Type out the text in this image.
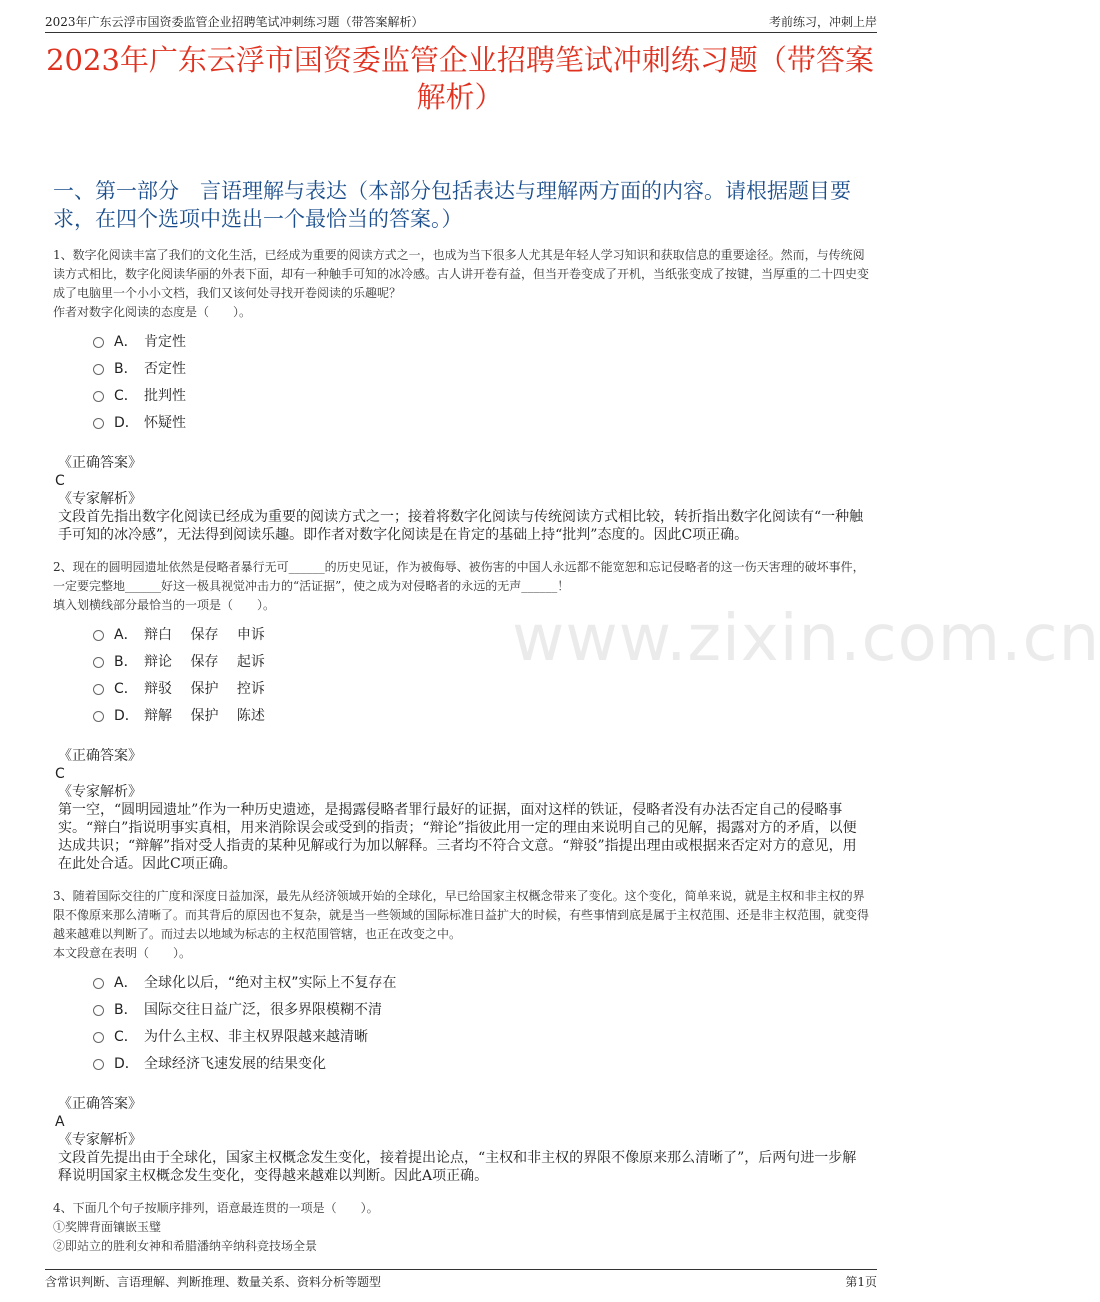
2023年广东云浮市国资委监管企业招聘笔试冲刺练习题（带答案解析）	考前练习，冲刺上岸
2023年广东云浮市国资委监管企业招聘笔试冲刺练习题（带答案解析）
一、第一部分　言语理解与表达（本部分包括表达与理解两方面的内容。请根据题目要求，在四个选项中选出一个最恰当的答案。）
www.zixin.com.cn

1、数字化阅读丰富了我们的文化生活，已经成为重要的阅读方式之一，也成为当下很多人尤其是年轻人学习知识和获取信息的重要途径。然而，与传统阅读方式相比，数字化阅读华丽的外表下面，却有一种触手可知的冰冷感。古人讲开卷有益，但当开卷变成了开机，当纸张变成了按键，当厚重的二十四史变成了电脑里一个小小文档，我们又该何处寻找开卷阅读的乐趣呢？

作者对数字化阅读的态度是（　　）。

A． 肯定性
B． 否定性
C． 批判性
D． 怀疑性

《正确答案》

C

《专家解析》

文段首先指出数字化阅读已经成为重要的阅读方式之一；接着将数字化阅读与传统阅读方式相比较，转折指出数字化阅读有“一种触手可知的冰冷感”，无法得到阅读乐趣。即作者对数字化阅读是在肯定的基础上持“批判”态度的。因此C项正确。

2、现在的圆明园遗址依然是侵略者暴行无可______的历史见证，作为被侮辱、被伤害的中国人永远都不能宽恕和忘记侵略者的这一伤天害理的破坏事件，一定要完整地______好这一极具视觉冲击力的“活证据”，使之成为对侵略者的永远的无声______！

填入划横线部分最恰当的一项是（　　）。

A． 辩白　 保存　 申诉
B． 辩论　 保存　 起诉
C． 辩驳　 保护　 控诉
D． 辩解　 保护　 陈述

《正确答案》

C

《专家解析》

第一空，“圆明园遗址”作为一种历史遗迹，是揭露侵略者罪行最好的证据，面对这样的铁证，侵略者没有办法否定自己的侵略事实。“辩白”指说明事实真相，用来消除误会或受到的指责；“辩论”指彼此用一定的理由来说明自己的见解，揭露对方的矛盾，以便达成共识；“辩解”指对受人指责的某种见解或行为加以解释。三者均不符合文意。“辩驳”指提出理由或根据来否定对方的意见，用在此处合适。因此C项正确。

3、随着国际交往的广度和深度日益加深，最先从经济领域开始的全球化，早已给国家主权概念带来了变化。这个变化，简单来说，就是主权和非主权的界限不像原来那么清晰了。而其背后的原因也不复杂，就是当一些领域的国际标准日益扩大的时候，有些事情到底是属于主权范围、还是非主权范围，就变得越来越难以判断了。而过去以地域为标志的主权范围管辖，也正在改变之中。

本文段意在表明（　　）。

A． 全球化以后，“绝对主权”实际上不复存在
B． 国际交往日益广泛，很多界限模糊不清
C． 为什么主权、非主权界限越来越清晰
D． 全球经济飞速发展的结果变化

《正确答案》

A

《专家解析》

文段首先提出由于全球化，国家主权概念发生变化，接着提出论点，“主权和非主权的界限不像原来那么清晰了”，后两句进一步解释说明国家主权概念发生变化，变得越来越难以判断。因此A项正确。

4、下面几个句子按顺序排列，语意最连贯的一项是（　　）。

①奖牌背面镶嵌玉璧

②即站立的胜利女神和希腊潘纳辛纳科竞技场全景

含常识判断、言语理解、判断推理、数量关系、资料分析等题型	第1页
